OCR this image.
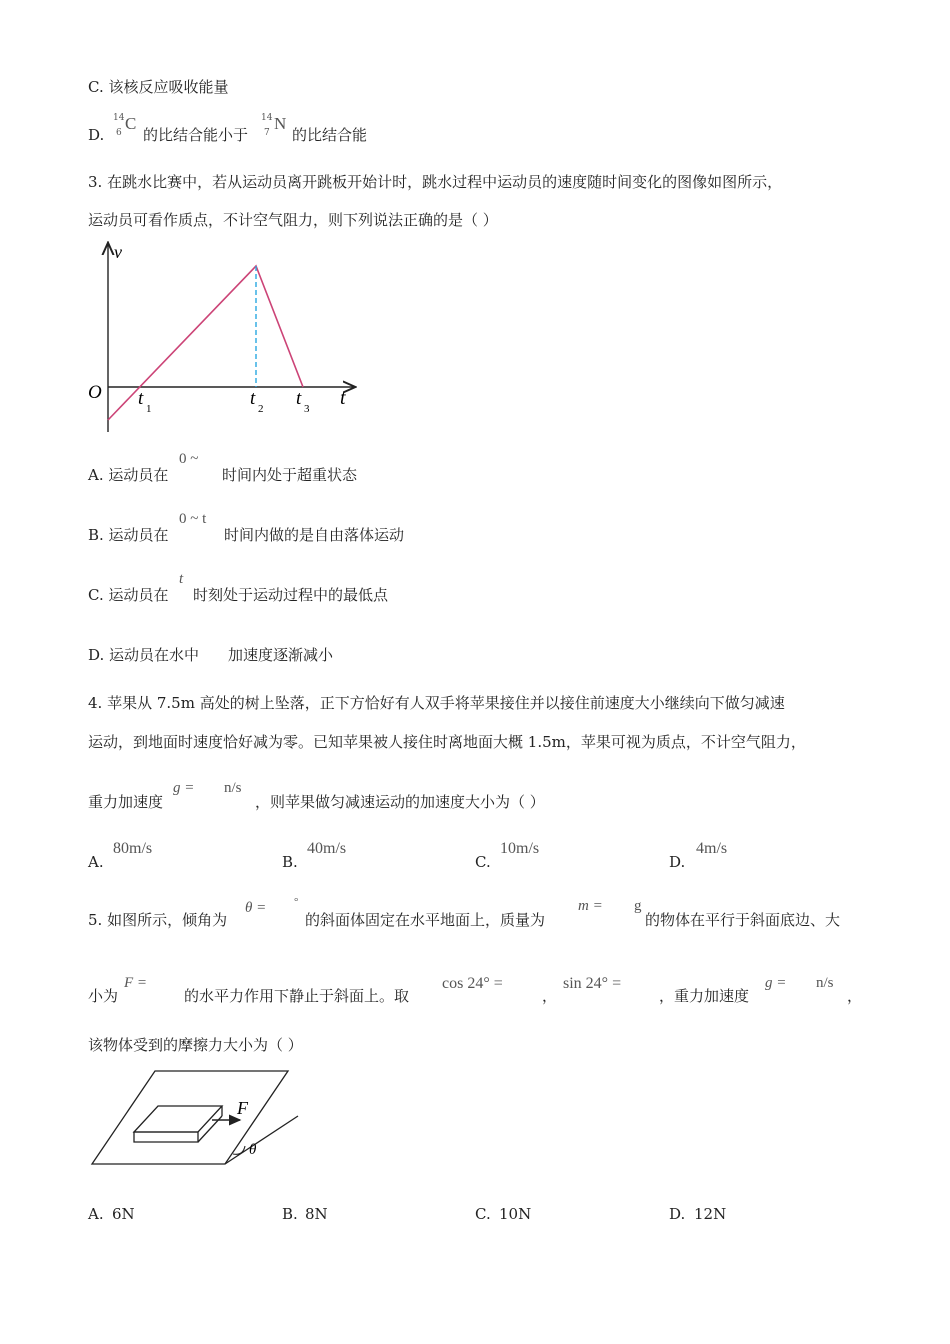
C. 该核反应吸收能量
D.
14
6 C
的比结合能小于
14
7 N
的比结合能
3. 在跳水比赛中，若从运动员离开跳板开始计时，跳水过程中运动员的速度随时间变化的图像如图所示，
运动员可看作质点，不计空气阻力，则下列说法正确的是（ ）
v
O t 1	t 2 t 3 t
A. 运动员在
0 ~
时间内处于超重状态
B. 运动员在
0 ~ t
时间内做的是自由落体运动
C. 运动员在
t
时刻处于运动过程中的最低点
D. 运动员在水中 加速度逐渐减小
4. 苹果从 7.5m 高处的树上坠落，正下方恰好有人双手将苹果接住并以接住前速度大小继续向下做匀减速
运动，到地面时速度恰好减为零。已知苹果被人接住时离地面大概 1.5m，苹果可视为质点，不计空气阻力，
重力加速度
g = n/s
，则苹果做匀减速运动的加速度大小为（ ）
A.
80m/s
B.
40m/s
C.
10m/s
D.
4m/s
5. 如图所示，倾角为
θ =	°
的斜面体固定在水平地面上，质量为
m = g
的物体在平行于斜面底边、大
小为
F =
的水平力作用下静止于斜面上。取
cos 24° =
，
sin 24° =
，重力加速度
g = n/s
，
该物体受到的摩擦力大小为（ ）
F
θ
A. 6N	B. 8N	C. 10N	D. 12N
